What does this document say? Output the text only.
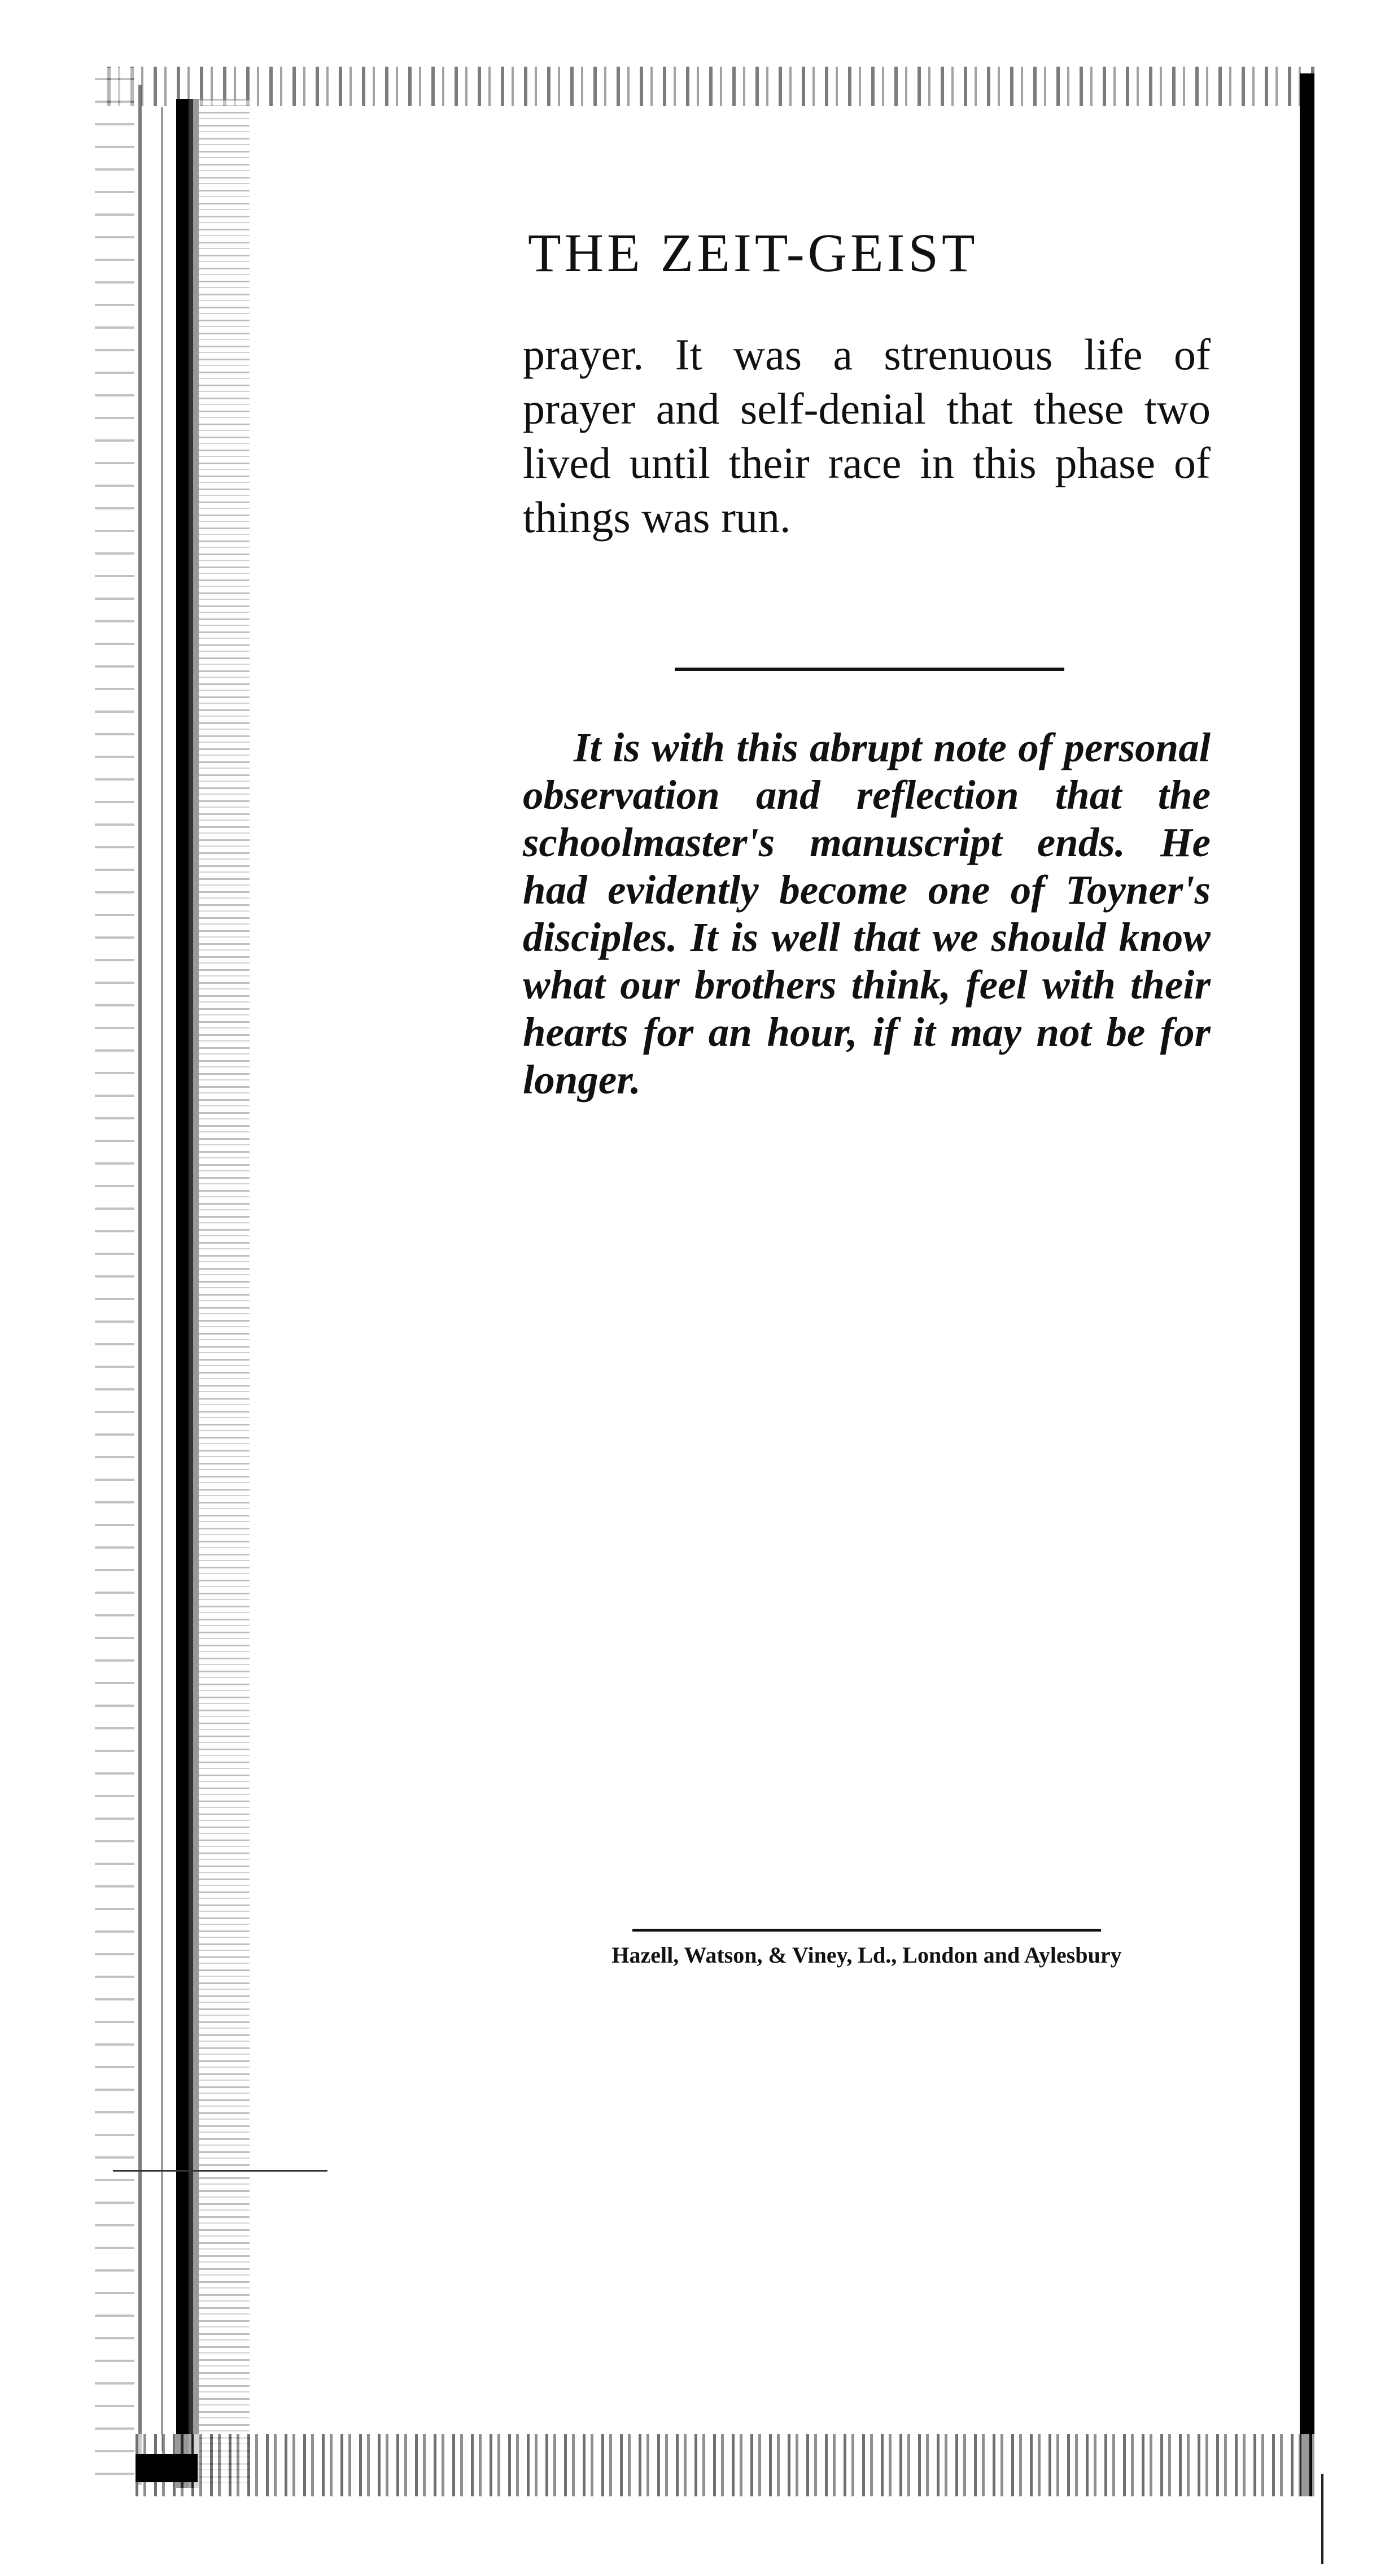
THE ZEIT-GEIST

prayer. It was a strenuous life of prayer and self-denial that these two lived until their race in this phase of things was run.

It is with this abrupt note of personal observation and reflection that the schoolmaster's manuscript ends. He had evidently become one of Toyner's disciples. It is well that we should know what our brothers think, feel with their hearts for an hour, if it may not be for longer.

Hazell, Watson, & Viney, Ld., London and Aylesbury
